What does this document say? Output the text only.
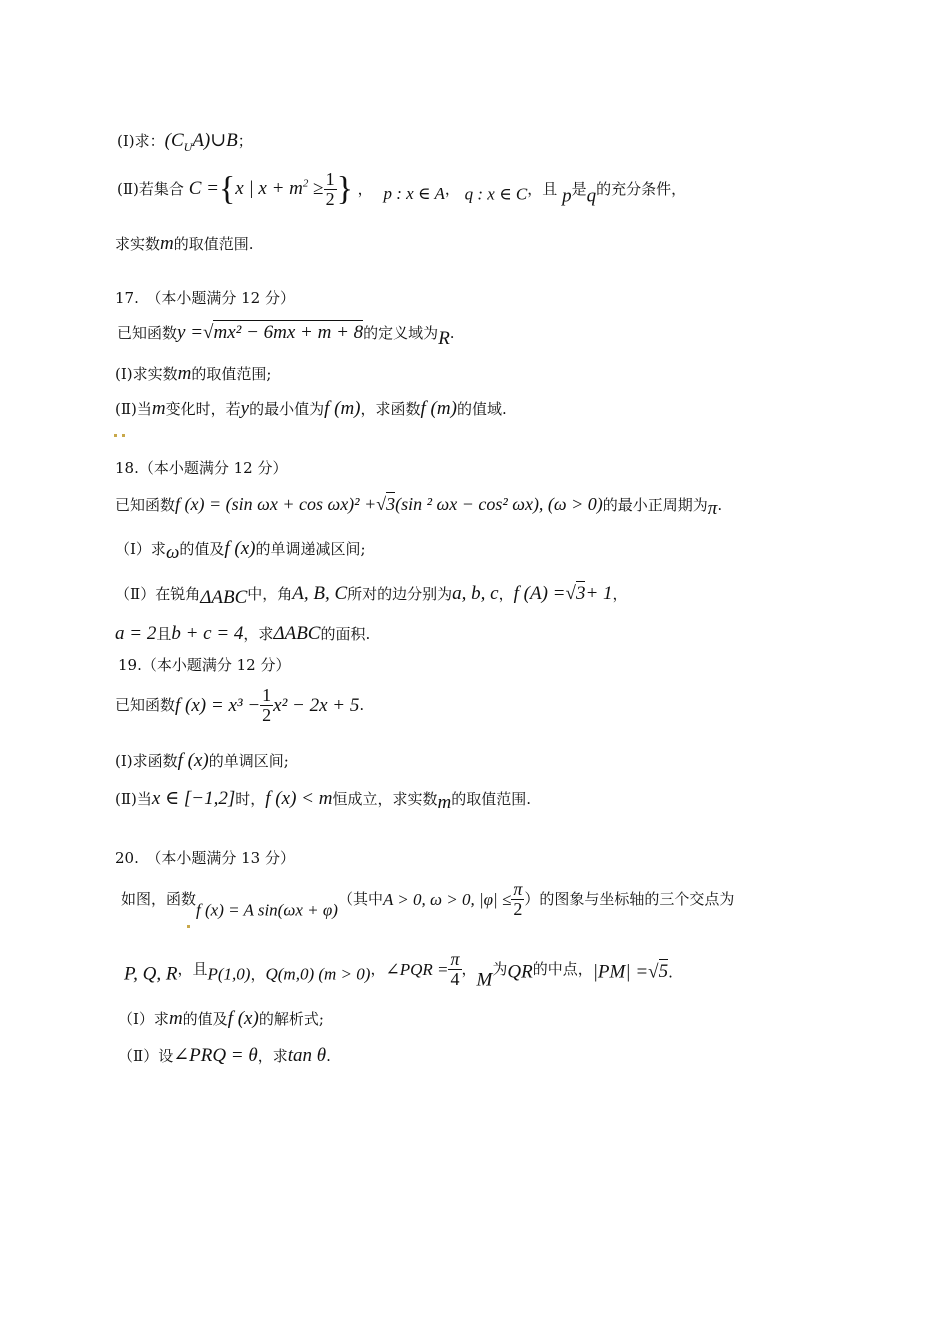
(Ⅰ)求：$(C_UA)\cup B$；
(Ⅱ)若集合 C ={x | $x + m^2 \ge \frac{1}{2}$ } ， p : x ∈ A， q : x ∈ C，且 p是q的充分条件，
求实数m的取值范围.
17.　（本小题满分 12 分）
已知函数y =√mx² − 6mx + m + 8的定义域为R.
(Ⅰ)求实数m的取值范围;
(Ⅱ)当m变化时，若y的最小值为f (m)，求函数f (m)的值域.
18.（本小题满分 12 分）
已知函数f (x) = (sin ωx + cos ωx)² +√3(sin ² ωx − cos² ωx), (ω > 0)的最小正周期为π.
（Ⅰ）求ω的值及f (x)的单调递减区间;
（Ⅱ）在锐角ΔABC中，角A, B, C所对的边分别为a, b, c，f (A) =√3+ 1，
a = 2且b + c = 4，求ΔABC的面积.
19.（本小题满分 12 分）
已知函数f $(x) = x^3 - \frac{1}{2} x^2 - 2x + 5$.
(Ⅰ)求函数f (x)的单调区间;
(Ⅱ)当x ∈ [−1,2]时，f (x) < m恒成立，求实数m的取值范围.
20.　（本小题满分 13 分）
如图，函数f (x) = A sin(ωx + φ)（其中A > 0, ω > 0, $|\varphi| \le \frac{\pi}{2}$ ）的图象与坐标轴的三个交点为
P, Q, R，且P(1,0)，Q(m,0) (m > 0)，∠PQR = $\frac{\pi}{4}$ ，M为QR的中点，|PM| =√5.
（Ⅰ）求m的值及f (x)的解析式;
（Ⅱ）设∠PRQ = θ，求tan θ.
